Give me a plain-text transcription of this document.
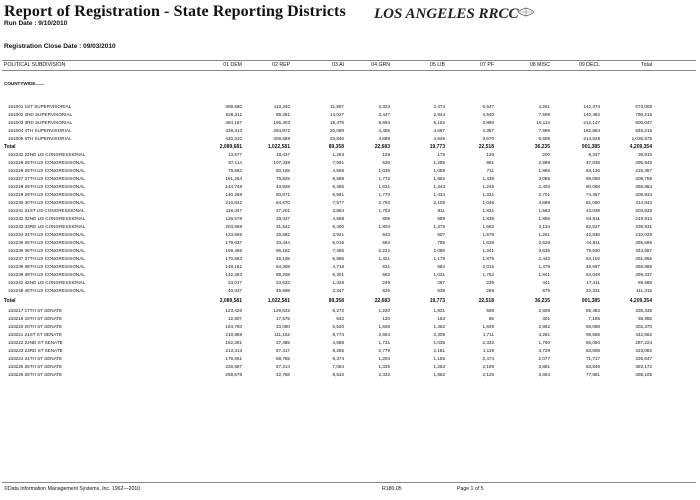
Report of Registration - State Reporting Districts
Run Date : 9/10/2010
Registration Close Date : 09/03/2010
LOS ANGELES RRCC
POLITICAL SUBDIVISION	01 DEM	02 REP	03 AI	04 GRN	05 LIB	07 PF	08 MISC	09 DECL	Total
COUNTYWIDE.......
161001 1ST SUPERVISORIAL	389,680	113,340	11,807	3,323	2,474	5,647	4,261	142,374	673,008
161002 2ND SUPERVISORIAL	528,311	89,281	14,027	3,447	2,844	4,540	7,508	140,482	790,215
161003 3RD SUPERVISORIAL	384,187	165,403	18,478	8,694	5,162	3,880	10,113	212,147	800,047
161004 4TH SUPERVISORIAL	428,313	284,872	20,089	4,455	4,667	4,387	7,686	182,864	845,215
161005 5TH SUPERVISORIAL	420,310	309,689	23,846	4,689	4,546	3,670	6,608	213,528	1,036,575
Total	2,089,681	1,022,581	89,358	22,683	19,773	22,518	36,235	901,385	4,209,354
162232 22ND US CONGRESSIONAL	13,577	18,437	1,253	125	175	126	200	8,337	39,919
162226 26TH US CONGRESSIONAL	97,114	107,338	7,591	530	1,285	991	2,989	47,838	295,945
162226 26TH US CONGRESSIONAL	78,663	50,165	4,558	1,036	1,058	711	1,866	63,126	225,397
162227 27TH US CONGRESSIONAL	161,264	76,825	8,569	1,772	1,862	1,438	3,065	69,058	309,759
162228 28TH US CONGRESSIONAL	144,748	43,928	6,365	1,631	1,343	1,245	2,403	80,068	268,864
162229 29TH US CONGRESSIONAL	140,269	80,671	6,581	1,770	1,434	1,331	2,701	74,357	308,934
162230 30TH US CONGRESSIONAL	210,842	84,670	7,577	2,792	2,105	1,048	4,669	81,050	414,844
162231 31ST US CONGRESSIONAL	118,347	27,201	3,864	1,703	811	1,831	1,563	43,038	203,638
162232 32ND US CONGRESSIONAL	126,578	28,337	4,568	805	689	1,838	1,856	54,611	249,813
162233 33RD US CONGRESSIONAL	203,658	31,542	6,400	1,804	1,375	1,662	3,134	82,527	338,931
162234 34TH US CONGRESSIONAL	123,665	28,682	3,921	643	607	1,578	1,261	42,836	210,029
162235 35TH US CONGRESSIONAL	179,637	33,444	5,016	692	785	1,638	2,628	44,811	285,696
162236 36TH US CONGRESSIONAL	169,465	96,152	7,365	2,222	2,080	1,341	3,636	79,630	343,657
162237 37TH US CONGRESSIONAL	170,683	48,105	5,886	1,421	1,178	1,876	2,442	62,102	291,856
162238 38TH US CONGRESSIONAL	148,161	64,308	4,718	631	684	2,015	1,478	48,697	268,895
162239 39TH US CONGRESSIONAL	142,383	89,208	6,301	662	1,021	1,762	1,841	62,049	289,337
162242 42ND US CONGRESSIONAL	24,017	24,633	1,328	249	267	236	441	17,411	69,589
162246 46TH US CONGRESSIONAL	40,337	45,698	2,347	625	638	269	679	22,331	111,315
Total	2,089,581	1,022,581	89,358	22,683	19,773	22,518	36,235	901,385	4,209,354
163217 17TH ST SENATE	123,426	126,632	8,272	1,220	1,821	698	2,808	69,483	335,338
163219 19TH ST SENATE	12,807	17,575	642	120	163	65	301	7,185	38,955
163220 20TH ST SENATE	164,780	33,080	6,620	1,606	1,462	1,849	2,862	69,098	302,370
163221 21ST ST SENATE	210,869	111,162	8,774	2,664	2,309	1,711	4,281	99,568	442,662
163222 22ND ST SENATE	162,281	37,485	4,688	1,731	1,035	2,332	1,760	65,094	287,224
163223 23RD ST SENATE	213,313	67,417	8,255	2,779	2,181	1,119	4,729	83,808	423,082
163224 24TH ST SENATE	178,661	58,765	6,374	1,204	1,155	2,474	2,077	71,717	326,647
163225 25TH ST SENATE	228,587	57,214	7,084	1,335	1,263	2,189	3,881	83,849	383,172
163226 26TH ST SENATE	268,678	42,766	8,532	2,332	1,862	2,125	3,664	77,681	398,105
©Data Information Management Systems, Inc. 1962—2010	R180.05	Page 1 of 5
